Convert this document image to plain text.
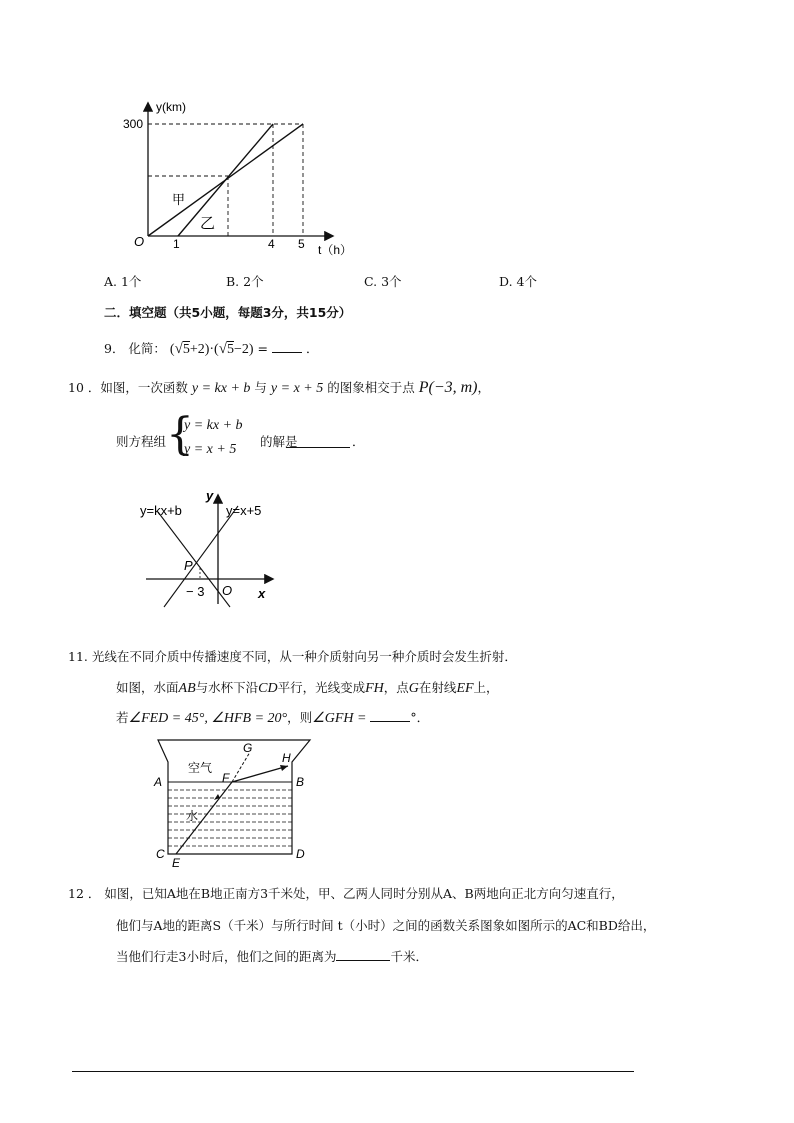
y(km)
300
O 1	4 5 t（h）
甲
乙
A. 1个	B. 2个	C. 3个	D. 4个
二．填空题（共5小题，每题3分，共15分）
9． 化简： (√5+2)·(√5−2) =	．
10 ．如图，一次函数 y = kx + b 与 y = x + 5 的图象相交于点 P(−3, m)，
则方程组 {
y = kx + b
y = x + 5
的解是	．
y=kx+b	y=x+5
y
x
O
P
− 3
11. 光线在不同介质中传播速度不同，从一种介质射向另一种介质时会发生折射．
如图，水面AB与水杯下沿CD平行，光线变成FH，点G在射线EF上，
若∠FED = 45°, ∠HFB = 20°，则∠GFH =	°．
A	B
C	D
E
F
G
H
空气
水
12 ． 如图，已知A地在B地正南方3千米处，甲、乙两人同时分别从A、B两地向正北方向匀速直行，
他们与A地的距离S（千米）与所行时间 t（小时）之间的函数关系图象如图所示的AC和BD给出，
当他们行走3小时后，他们之间的距离为	千米．
